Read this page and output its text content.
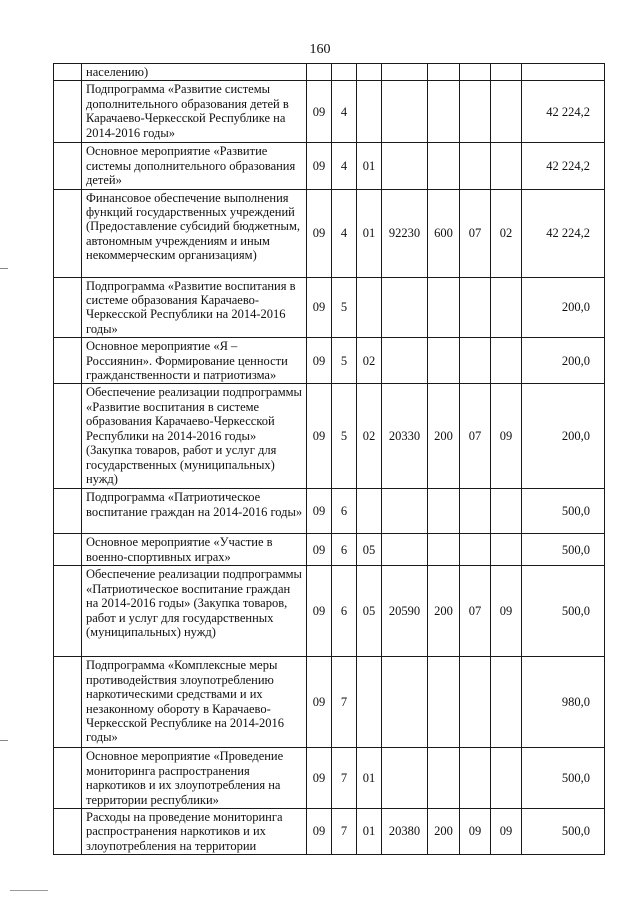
160
	населению)								
	Подпрограмма «Развитие системы дополнительного образования детей в Карачаево-Черкесской Республике на 2014-2016 годы»	09	4						42 224,2
	Основное мероприятие «Развитие системы дополнительного образования детей»	09	4	01					42 224,2
	Финансовое обеспечение выполнения функций государственных учреждений (Предоставление субсидий бюджетным, автономным учреждениям и иным некоммерческим организациям)	09	4	01	92230	600	07	02	42 224,2
	Подпрограмма «Развитие воспитания в системе образования Карачаево-Черкесской Республики на 2014-2016 годы»	09	5						200,0
	Основное мероприятие «Я – Россиянин». Формирование ценности гражданственности и патриотизма»	09	5	02					200,0
	Обеспечение реализации подпрограммы «Развитие воспитания в системе образования Карачаево-Черкесской Республики на 2014-2016 годы» (Закупка товаров, работ и услуг для государственных (муниципальных) нужд)	09	5	02	20330	200	07	09	200,0
	Подпрограмма «Патриотическое воспитание граждан на 2014-2016 годы»	09	6						500,0
	Основное мероприятие «Участие в военно-спортивных играх»	09	6	05					500,0
	Обеспечение реализации подпрограммы «Патриотическое воспитание граждан на 2014-2016 годы» (Закупка товаров, работ и услуг для государственных (муниципальных) нужд)	09	6	05	20590	200	07	09	500,0
	Подпрограмма «Комплексные меры противодействия злоупотреблению наркотическими средствами и их незаконному обороту в Карачаево-Черкесской Республике на 2014-2016 годы»	09	7						980,0
	Основное мероприятие «Проведение мониторинга распространения наркотиков и их злоупотребления на территории республики»	09	7	01					500,0
	Расходы на проведение мониторинга распространения наркотиков и их злоупотребления на территории	09	7	01	20380	200	09	09	500,0
